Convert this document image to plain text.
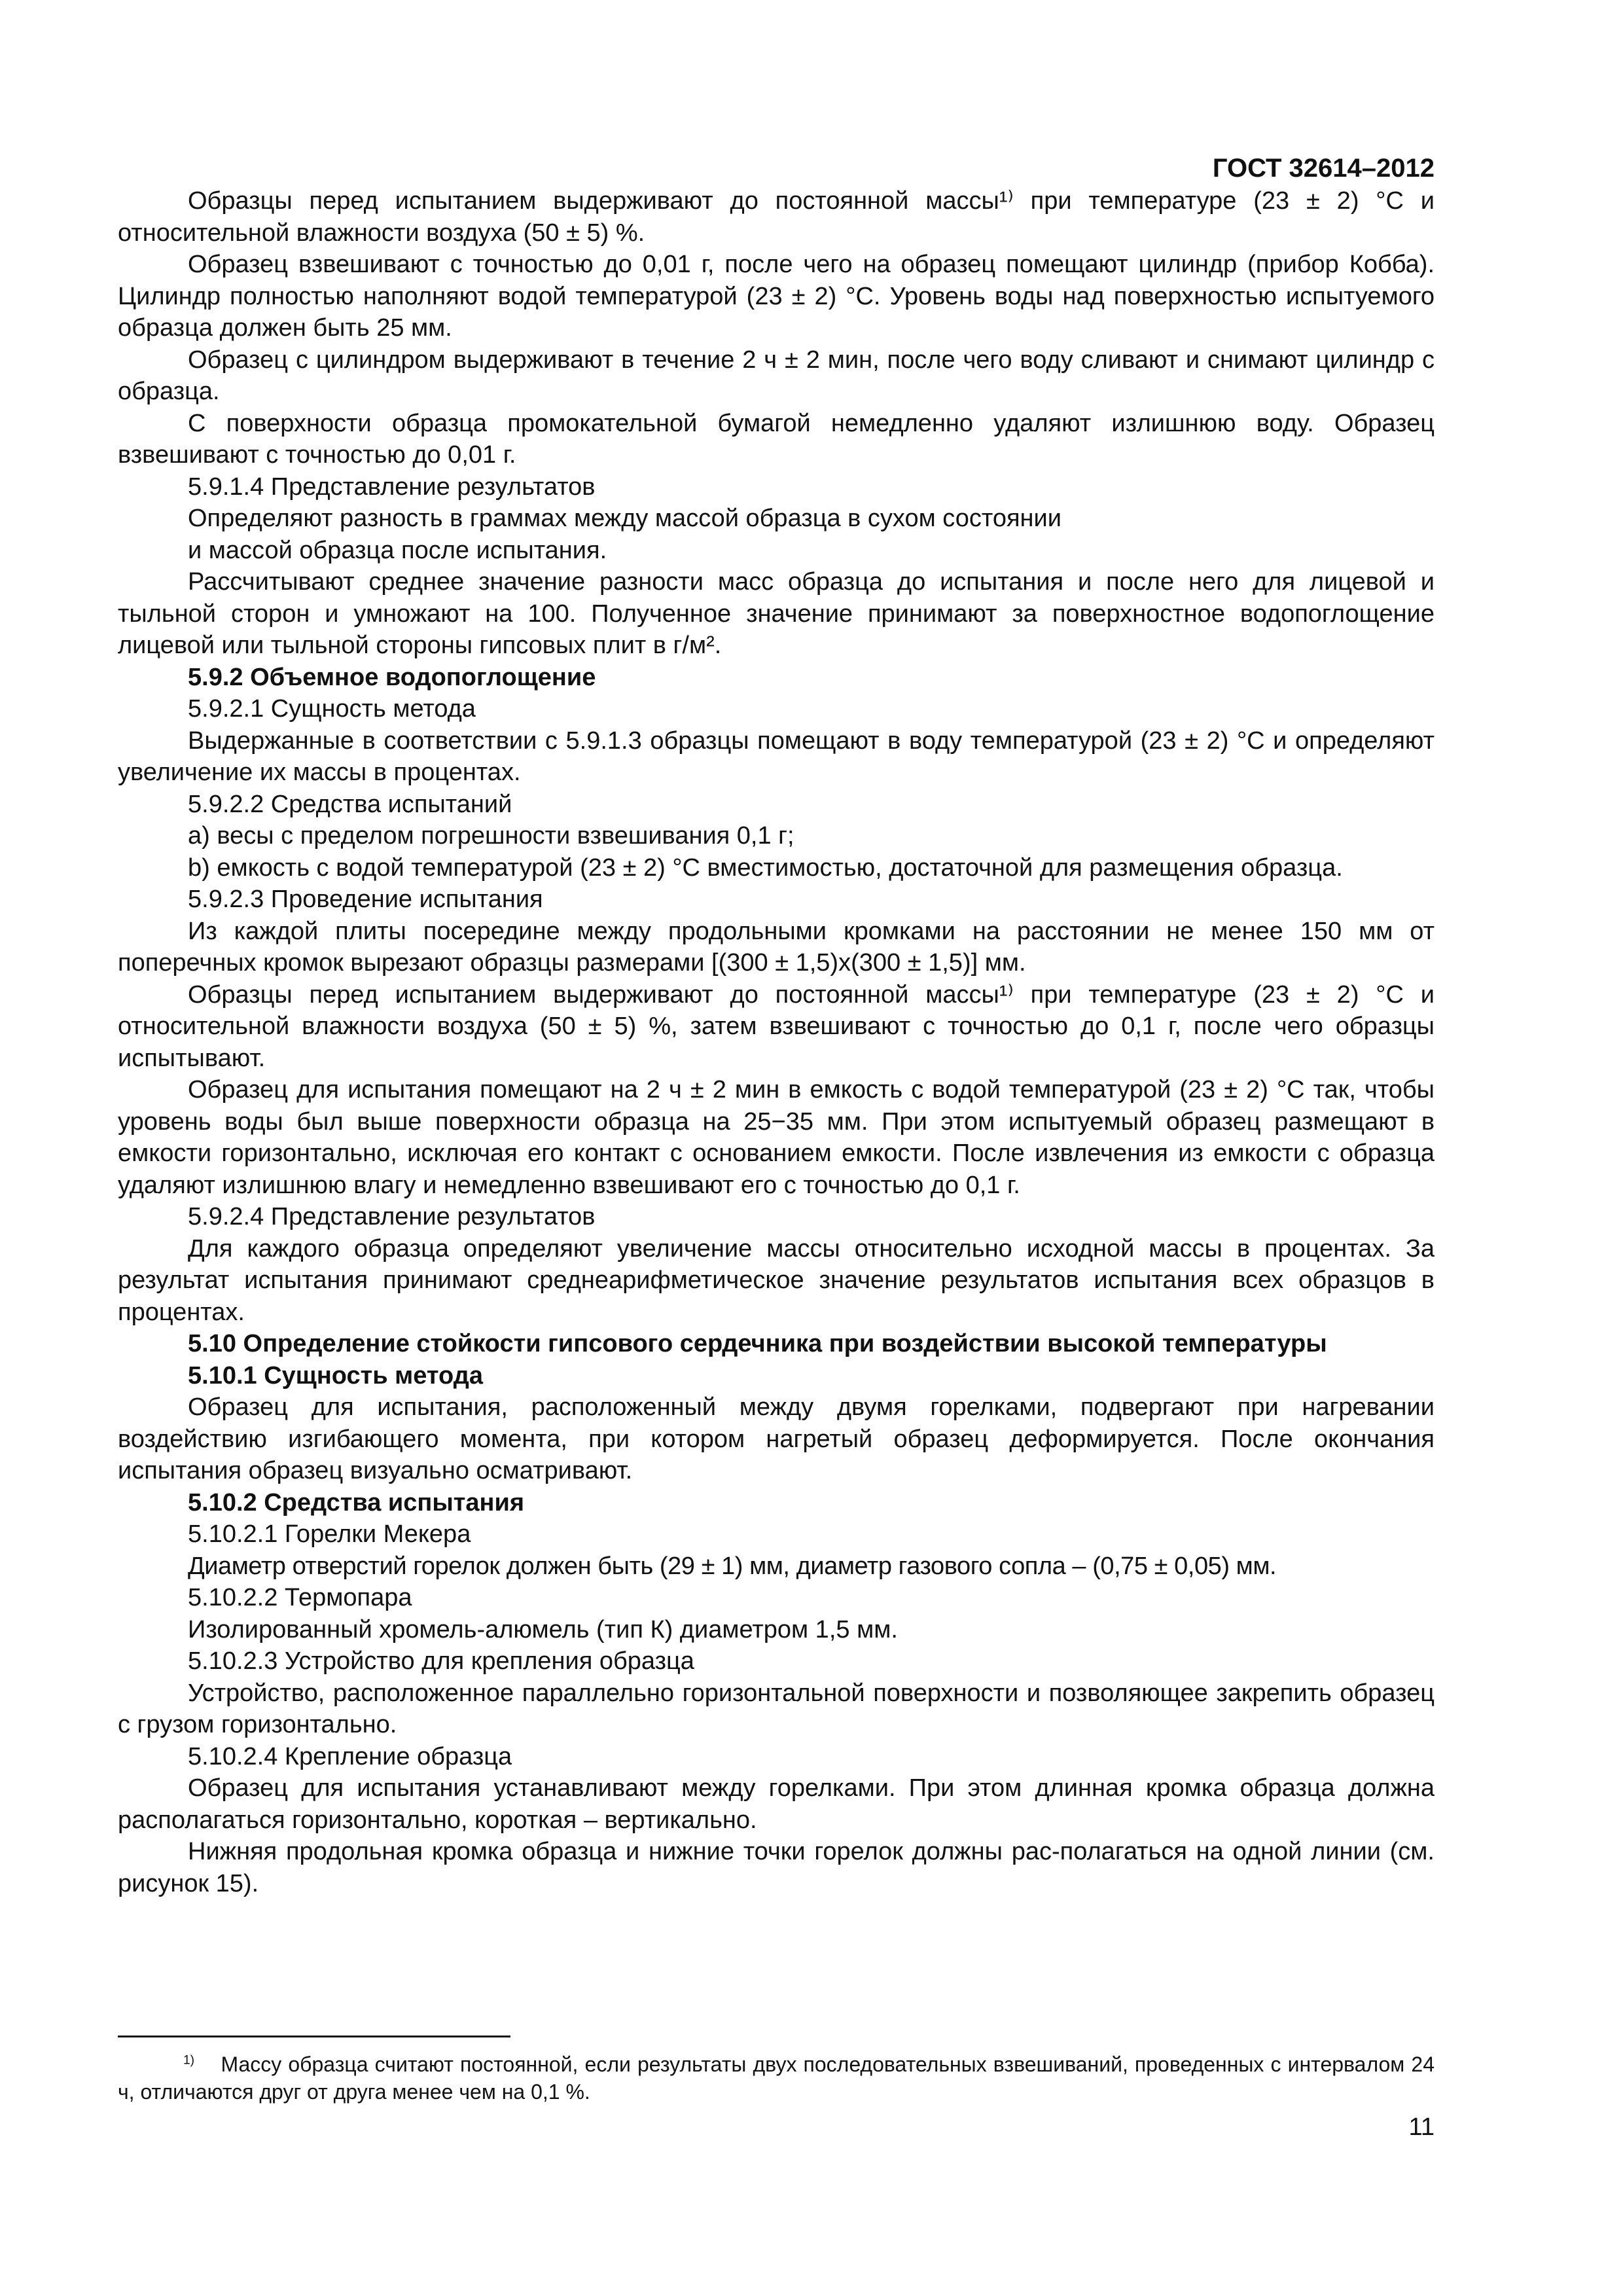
ГОСТ 32614–2012

Образцы перед испытанием выдерживают до постоянной массы¹⁾ при температуре (23 ± 2) °С и относительной влажности воздуха (50 ± 5) %.

Образец взвешивают с точностью до 0,01 г, после чего на образец помещают цилиндр (прибор Кобба). Цилиндр полностью наполняют водой температурой (23 ± 2) °С. Уровень воды над поверхностью испытуемого образца должен быть 25 мм.

Образец с цилиндром выдерживают в течение 2 ч ± 2 мин, после чего воду сливают и снимают цилиндр с образца.

С поверхности образца промокательной бумагой немедленно удаляют излишнюю воду. Образец взвешивают с точностью до 0,01 г.

5.9.1.4 Представление результатов

Определяют разность в граммах между массой образца в сухом состоянии

и массой образца после испытания.

Рассчитывают среднее значение разности масс образца до испытания и после него для лицевой и тыльной сторон и умножают на 100. Полученное значение принимают за поверхностное водопоглощение лицевой или тыльной стороны гипсовых плит в г/м².

5.9.2 Объемное водопоглощение

5.9.2.1 Сущность метода

Выдержанные в соответствии с 5.9.1.3 образцы помещают в воду температурой (23 ± 2) °С и определяют увеличение их массы в процентах.

5.9.2.2 Средства испытаний

a) весы с пределом погрешности взвешивания 0,1 г;

b) емкость с водой температурой (23 ± 2) °С вместимостью, достаточной для размещения образца.

5.9.2.3 Проведение испытания

Из каждой плиты посередине между продольными кромками на расстоянии не менее 150 мм от поперечных кромок вырезают образцы размерами [(300 ± 1,5)х(300 ± 1,5)] мм.

Образцы перед испытанием выдерживают до постоянной массы¹⁾ при температуре (23 ± 2) °С и относительной влажности воздуха (50 ± 5) %, затем взвешивают с точностью до 0,1 г, после чего образцы испытывают.

Образец для испытания помещают на 2 ч ± 2 мин в емкость с водой температурой (23 ± 2) °С так, чтобы уровень воды был выше поверхности образца на 25−35 мм. При этом испытуемый образец размещают в емкости горизонтально, исключая его контакт с основанием емкости. После извлечения из емкости с образца удаляют излишнюю влагу и немедленно взвешивают его с точностью до 0,1 г.

5.9.2.4 Представление результатов

Для каждого образца определяют увеличение массы относительно исходной массы в процентах. За результат испытания принимают среднеарифметическое значение результатов испытания всех образцов в процентах.

5.10 Определение стойкости гипсового сердечника при воздействии высокой температуры

5.10.1 Сущность метода

Образец для испытания, расположенный между двумя горелками, подвергают при нагревании воздействию изгибающего момента, при котором нагретый образец деформируется. После окончания испытания образец визуально осматривают.

5.10.2 Средства испытания

5.10.2.1 Горелки Мекера

Диаметр отверстий горелок должен быть (29 ± 1) мм, диаметр газового сопла – (0,75 ± 0,05) мм.

5.10.2.2 Термопара

Изолированный хромель-алюмель (тип К) диаметром 1,5 мм.

5.10.2.3 Устройство для крепления образца

Устройство, расположенное параллельно горизонтальной поверхности и позволяющее закрепить образец с грузом горизонтально.

5.10.2.4 Крепление образца

Образец для испытания устанавливают между горелками. При этом длинная кромка образца должна располагаться горизонтально, короткая – вертикально.

Нижняя продольная кромка образца и нижние точки горелок должны рас-полагаться на одной линии (см. рисунок 15).

$^{1)}$ Массу образца считают постоянной, если результаты двух последовательных взвешиваний, проведенных с интервалом 24 ч, отличаются друг от друга менее чем на 0,1 %.

11
